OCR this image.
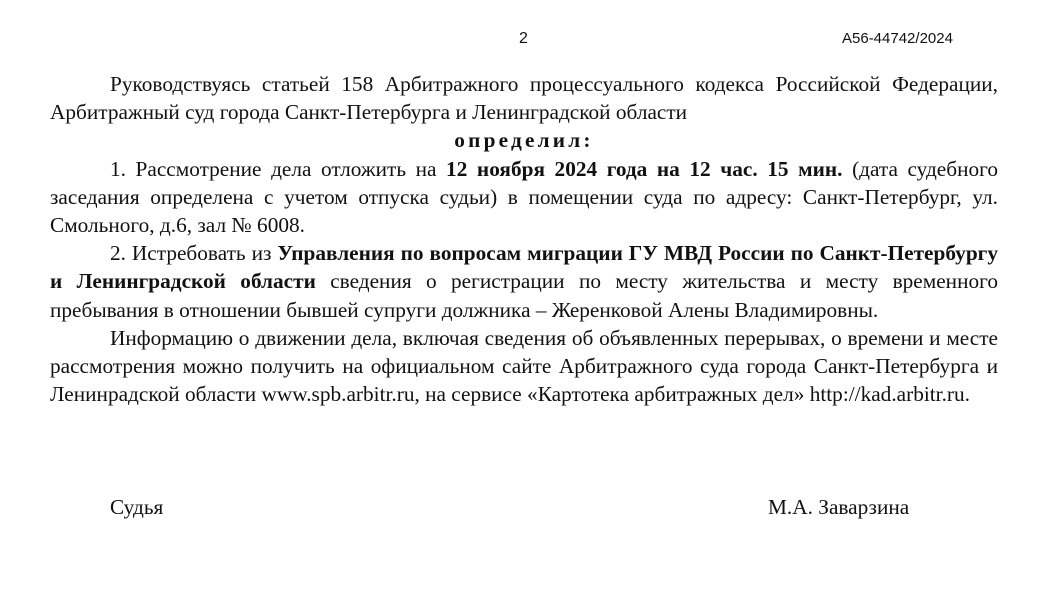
2	А56-44742/2024

Руководствуясь статьей 158 Арбитражного процессуального кодекса Российской Федерации, Арбитражный суд города Санкт-Петербурга и Ленинградской области

определил:

1. Рассмотрение дела отложить на 12 ноября 2024 года на 12 час. 15 мин. (дата судебного заседания определена с учетом отпуска судьи) в помещении суда по адресу: Санкт-Петербург, ул. Смольного, д.6, зал № 6008.

2. Истребовать из Управления по вопросам миграции ГУ МВД России по Санкт-Петербургу и Ленинградской области сведения о регистрации по месту жительства и месту временного пребывания в отношении бывшей супруги должника – Жеренковой Алены Владимировны.

Информацию о движении дела, включая сведения об объявленных перерывах, о времени и месте рассмотрения можно получить на официальном сайте Арбитражного суда города Санкт-Петербурга и Ленинрадской области www.spb.arbitr.ru, на сервисе «Картотека арбитражных дел» http://kad.arbitr.ru.

Судья	М.А. Заварзина
